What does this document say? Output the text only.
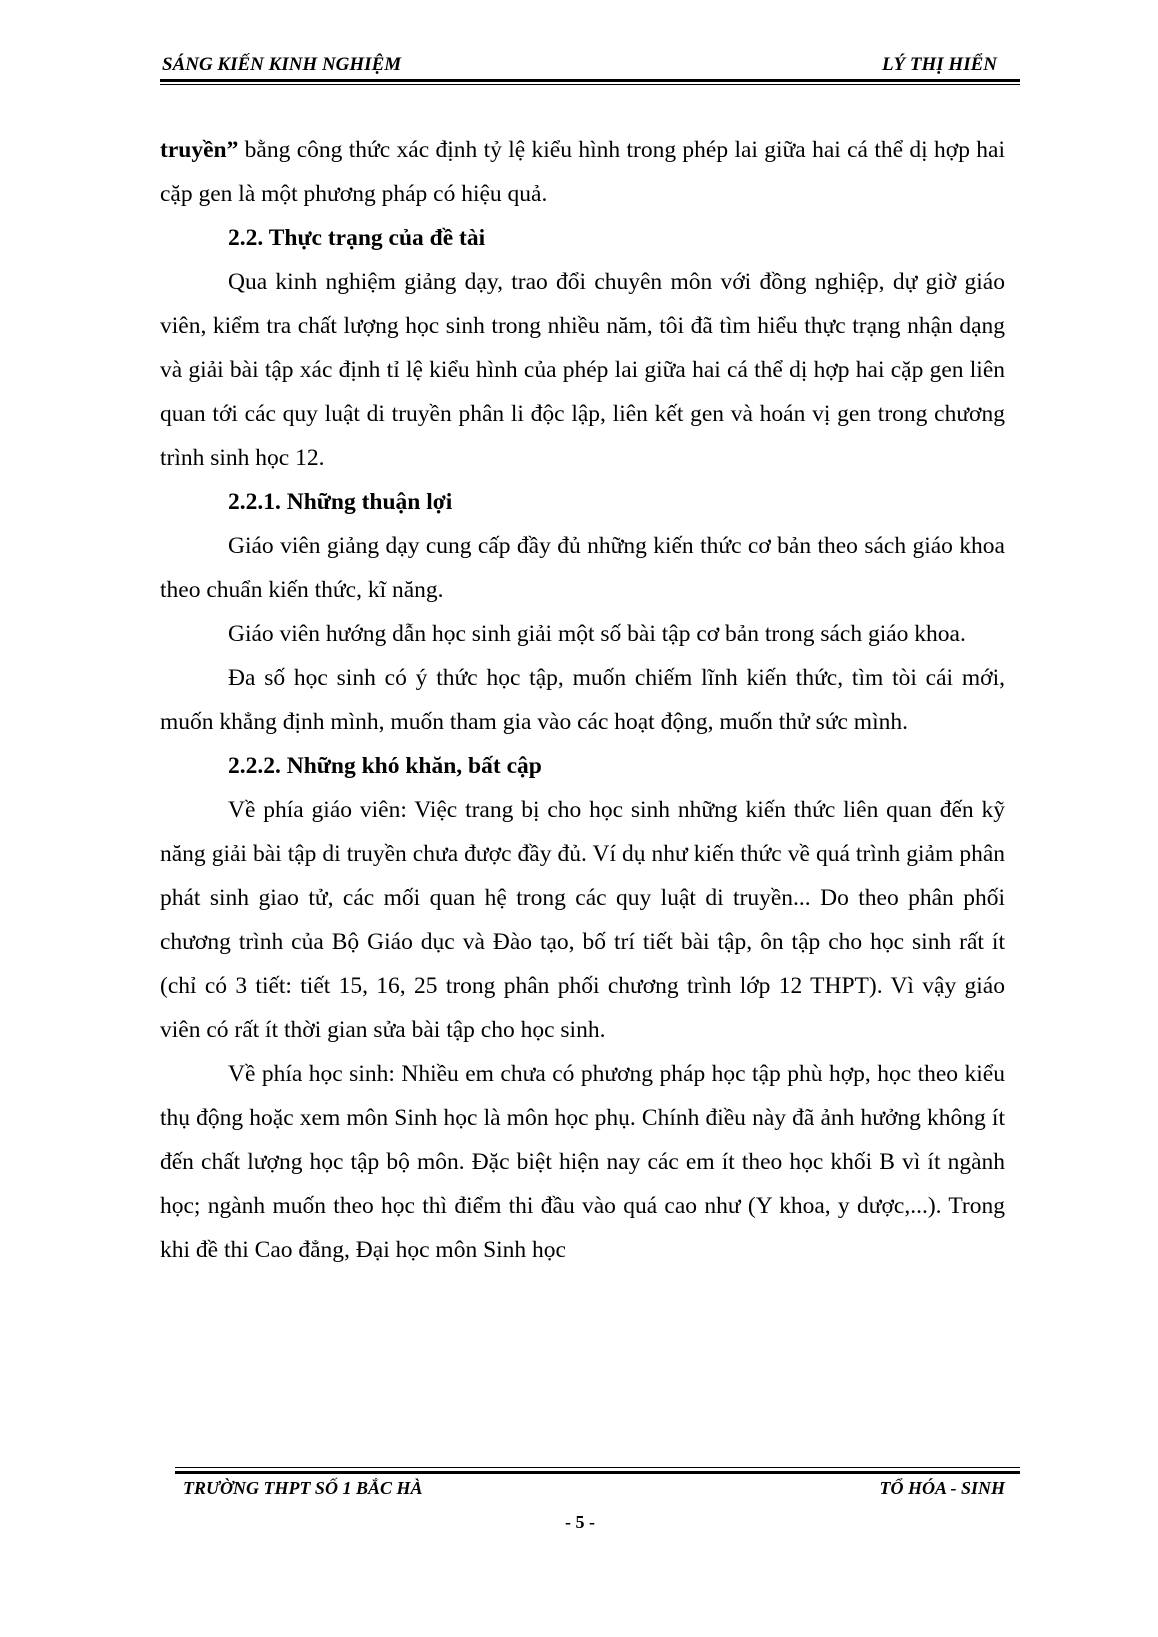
SÁNG KIẾN KINH NGHIỆM	LÝ THỊ HIỂN

truyền” bằng công thức xác định tỷ lệ kiểu hình trong phép lai giữa hai cá thể dị hợp hai cặp gen là một phương pháp có hiệu quả.

2.2. Thực trạng của đề tài

Qua kinh nghiệm giảng dạy, trao đổi chuyên môn với đồng nghiệp, dự giờ giáo viên, kiểm tra chất lượng học sinh trong nhiều năm, tôi đã tìm hiểu thực trạng nhận dạng và giải bài tập xác định tỉ lệ kiểu hình của phép lai giữa hai cá thể dị hợp hai cặp gen liên quan tới các quy luật di truyền phân li độc lập, liên kết gen và hoán vị gen trong chương trình sinh học 12.

2.2.1. Những thuận lợi

Giáo viên giảng dạy cung cấp đầy đủ những kiến thức cơ bản theo sách giáo khoa theo chuẩn kiến thức, kĩ năng.

Giáo viên hướng dẫn học sinh giải một số bài tập cơ bản trong sách giáo khoa.

Đa số học sinh có ý thức học tập, muốn chiếm lĩnh kiến thức, tìm tòi cái mới, muốn khẳng định mình, muốn tham gia vào các hoạt động, muốn thử sức mình.

2.2.2. Những khó khăn, bất cập

Về phía giáo viên: Việc trang bị cho học sinh những kiến thức liên quan đến kỹ năng giải bài tập di truyền chưa được đầy đủ. Ví dụ như kiến thức về quá trình giảm phân phát sinh giao tử, các mối quan hệ trong các quy luật di truyền... Do theo phân phối chương trình của Bộ Giáo dục và Đào tạo, bố trí tiết bài tập, ôn tập cho học sinh rất ít (chỉ có 3 tiết: tiết 15, 16, 25 trong phân phối chương trình lớp 12 THPT). Vì vậy giáo viên có rất ít thời gian sửa bài tập cho học sinh.

Về phía học sinh: Nhiều em chưa có phương pháp học tập phù hợp, học theo kiểu thụ động hoặc xem môn Sinh học là môn học phụ. Chính điều này đã ảnh hưởng không ít đến chất lượng học tập bộ môn. Đặc biệt hiện nay các em ít theo học khối B vì ít ngành học; ngành muốn theo học thì điểm thi đầu vào quá cao như (Y khoa, y dược,...). Trong khi đề thi Cao đẳng, Đại học môn Sinh học

TRƯỜNG THPT SỐ 1 BẮC HÀ	TỔ HÓA - SINH
- 5 -
